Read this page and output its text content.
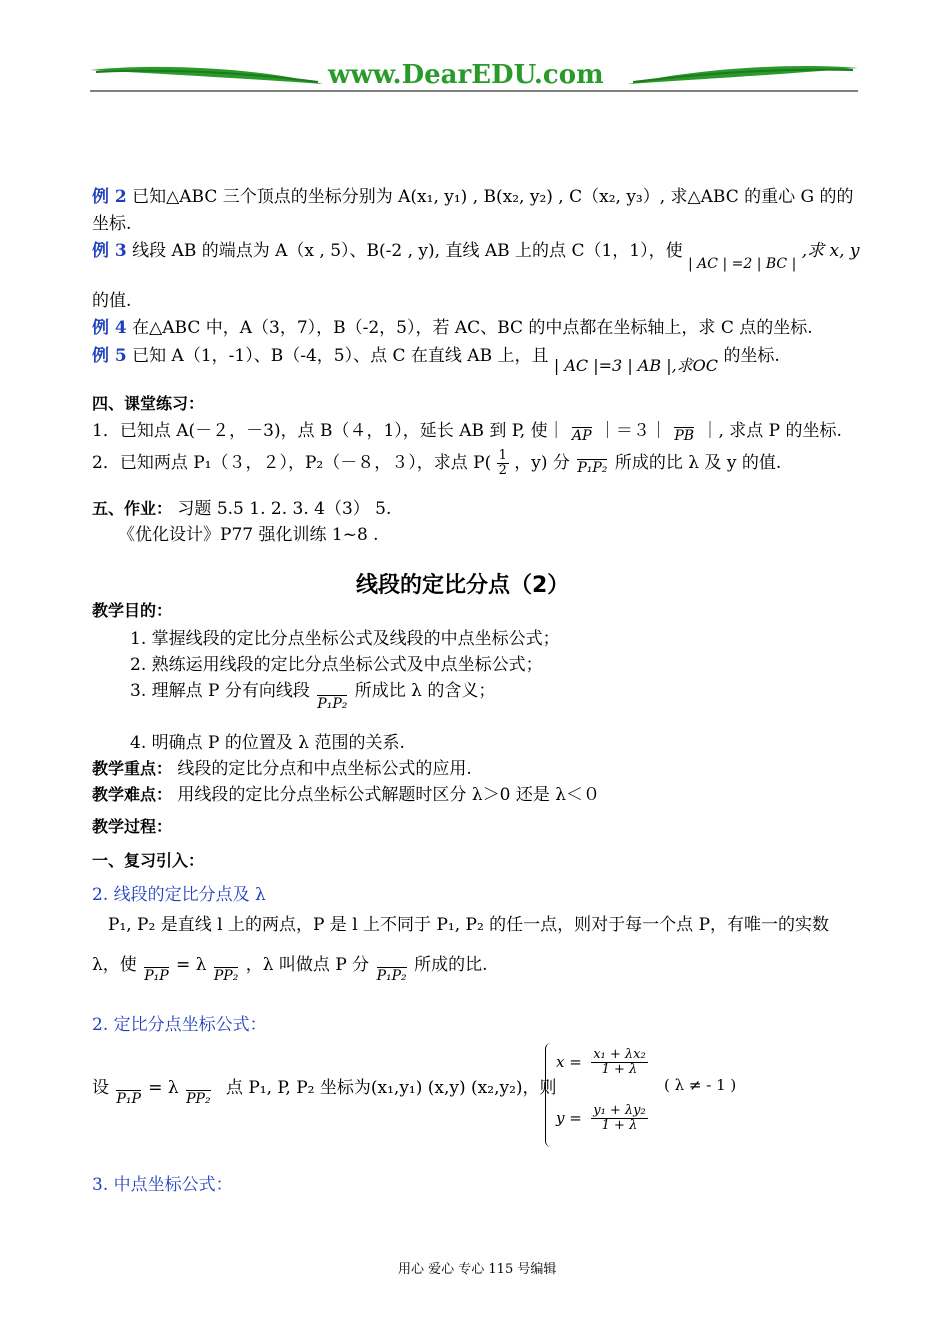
www.DearEDU.com
例 2 已知△ABC 三个顶点的坐标分别为 A(x₁, y₁) , B(x₂, y₂) , C（x₂, y₃）, 求△ABC 的重心 G 的的
坐标.
例 3 线段 AB 的端点为 A（x , 5）、B(-2 , y), 直线 AB 上的点 C（1，1），使 $_{| AC | =2 | BC |}$ ,求 x, y
的值.
例 4 在△ABC 中，A（3，7），B（-2，5），若 AC、BC 的中点都在坐标轴上，求 C 点的坐标.
例 5 已知 A（1，-1）、B（-4，5）、点 C 在直线 AB 上，且 | AC |=3 | AB |,求OC 的坐标.
四、课堂练习：
1．已知点 A(－２，－3)，点 B（４，1），延长 AB 到 P, 使｜ AP ｜＝３｜ PB ｜, 求点 P 的坐标.
2．已知两点 P₁（３，２），P₂（－８，３），求点 $P( \frac{1}{2}$ ，y) 分 P₁P₂ 所成的比 λ 及 y 的值.
五、作业： 习题 5.5 1. 2. 3. 4（3） 5.
《优化设计》P77 强化训练 1~8 .
线段的定比分点（2）
教学目的：
1. 掌握线段的定比分点坐标公式及线段的中点坐标公式；
2. 熟练运用线段的定比分点坐标公式及中点坐标公式；
3. 理解点 P 分有向线段 P₁P₂ 所成比 λ 的含义；
4. 明确点 P 的位置及 λ 范围的关系.
教学重点： 线段的定比分点和中点坐标公式的应用.
教学难点： 用线段的定比分点坐标公式解题时区分 λ＞0 还是 λ＜０
教学过程：
一、复习引入：
2. 线段的定比分点及 λ
P₁, P₂ 是直线 l 上的两点，P 是 l 上不同于 P₁, P₂ 的任一点，则对于每一个点 P，有唯一的实数
λ，使 P₁P = λ PP₂ ，λ 叫做点 P 分 P₁P₂ 所成的比.
2. 定比分点坐标公式：
设 P₁P = λ PP₂ 点 P₁, P, P₂ 坐标为(x₁,y₁) (x,y) (x₂,y₂)，则
$x = \frac{\text{x₁ + λx₂}}{1 + \lambda}$
$y = \frac{\text{y₁ + λy₂}}{1 + \lambda}$
( λ ≠ - 1 )
3. 中点坐标公式：
用心 爱心 专心 115 号编辑
